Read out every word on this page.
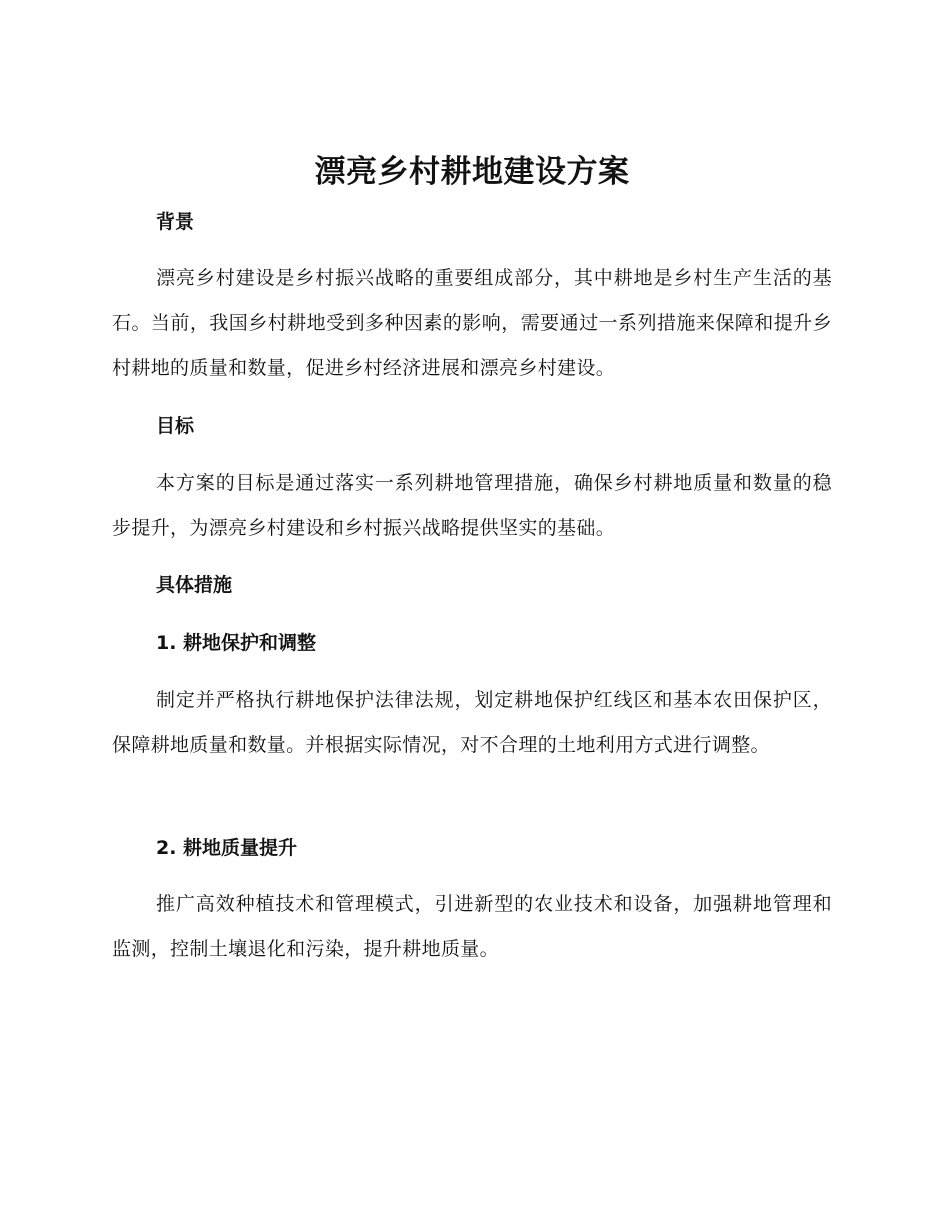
漂亮乡村耕地建设方案
背景
漂亮乡村建设是乡村振兴战略的重要组成部分，其中耕地是乡村生产生活的基石。当前，我国乡村耕地受到多种因素的影响，需要通过一系列措施来保障和提升乡村耕地的质量和数量，促进乡村经济进展和漂亮乡村建设。
目标
本方案的目标是通过落实一系列耕地管理措施，确保乡村耕地质量和数量的稳步提升，为漂亮乡村建设和乡村振兴战略提供坚实的基础。
具体措施
1. 耕地保护和调整
制定并严格执行耕地保护法律法规，划定耕地保护红线区和基本农田保护区，保障耕地质量和数量。并根据实际情况，对不合理的土地利用方式进行调整。
2. 耕地质量提升
推广高效种植技术和管理模式，引进新型的农业技术和设备，加强耕地管理和监测，控制土壤退化和污染，提升耕地质量。
